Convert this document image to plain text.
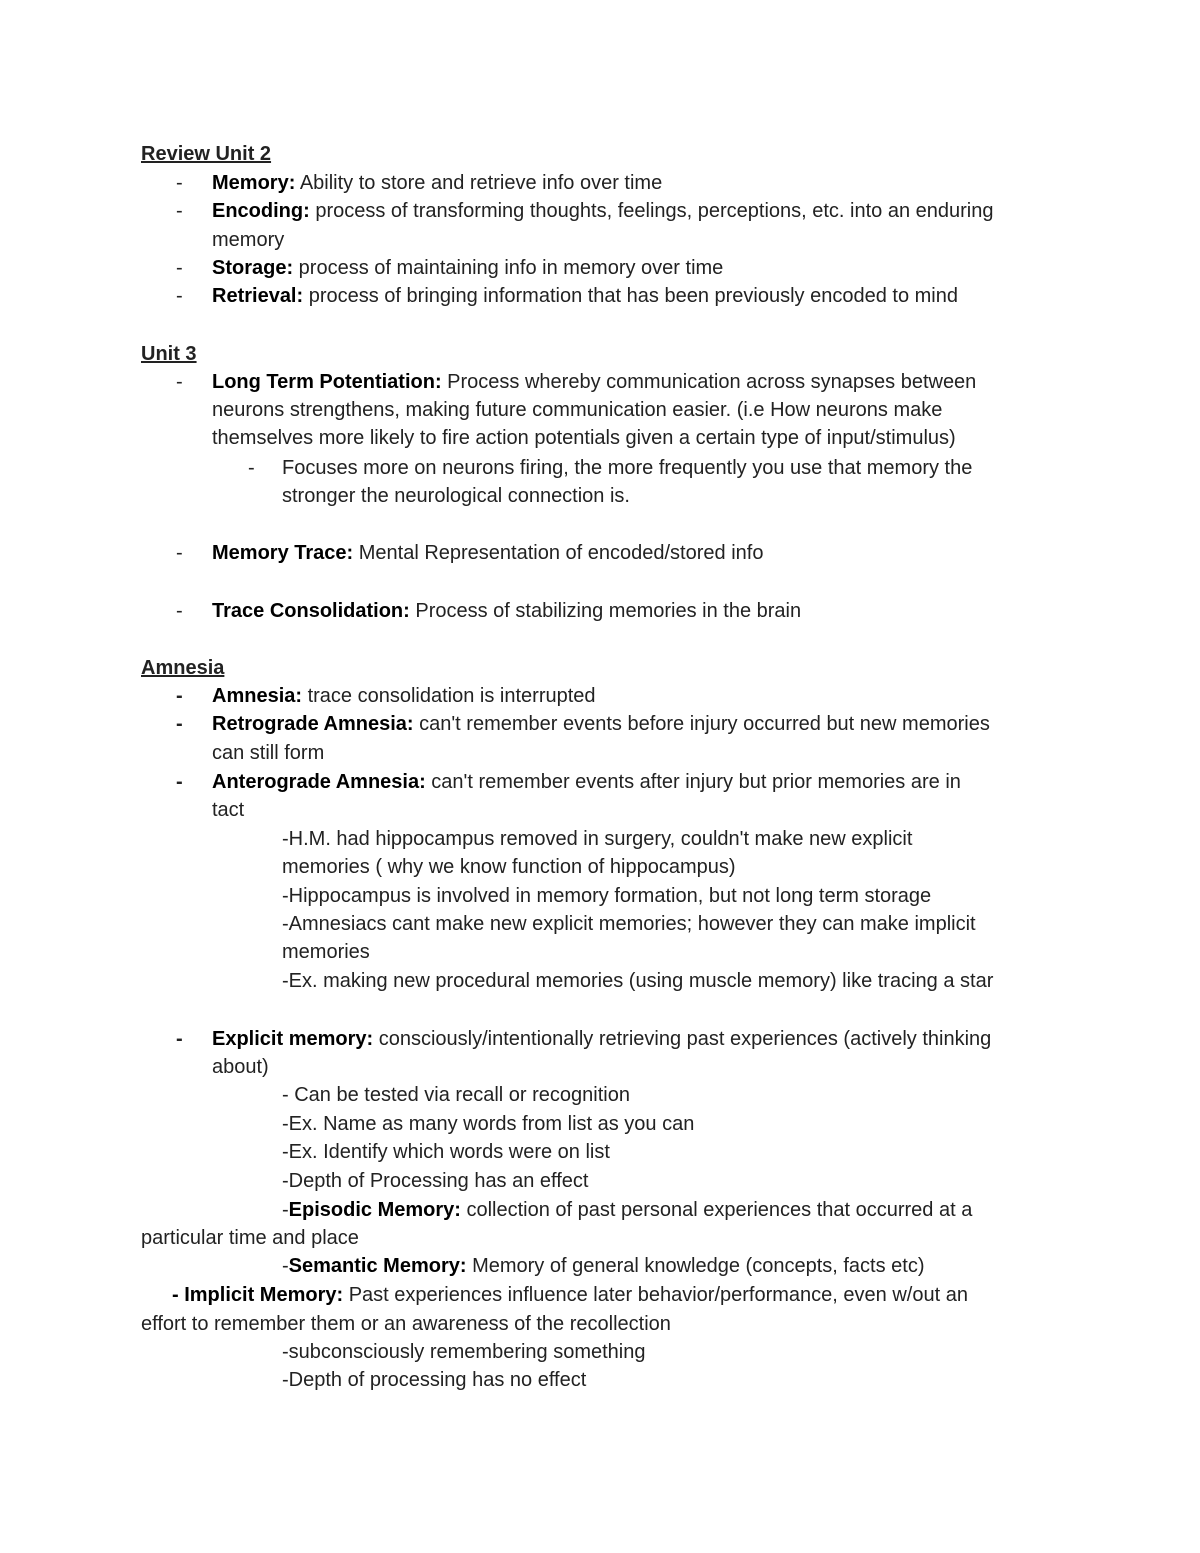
Review Unit 2
- Memory: Ability to store and retrieve info over time
- Encoding: process of transforming thoughts, feelings, perceptions, etc. into an enduring
memory
- Storage: process of maintaining info in memory over time
- Retrieval: process of bringing information that has been previously encoded to mind
Unit 3
- Long Term Potentiation: Process whereby communication across synapses between
neurons strengthens, making future communication easier. (i.e How neurons make
themselves more likely to fire action potentials given a certain type of input/stimulus)
- Focuses more on neurons firing, the more frequently you use that memory the
stronger the neurological connection is.
- Memory Trace: Mental Representation of encoded/stored info
- Trace Consolidation: Process of stabilizing memories in the brain
Amnesia
- Amnesia: trace consolidation is interrupted
- Retrograde Amnesia: can't remember events before injury occurred but new memories
can still form
- Anterograde Amnesia: can't remember events after injury but prior memories are in
tact
-H.M. had hippocampus removed in surgery, couldn't make new explicit
memories ( why we know function of hippocampus)
-Hippocampus is involved in memory formation, but not long term storage
-Amnesiacs cant make new explicit memories; however they can make implicit
memories
-Ex. making new procedural memories (using muscle memory) like tracing a star
- Explicit memory: consciously/intentionally retrieving past experiences (actively thinking
about)
- Can be tested via recall or recognition
-Ex. Name as many words from list as you can
-Ex. Identify which words were on list
-Depth of Processing has an effect
-Episodic Memory: collection of past personal experiences that occurred at a
particular time and place
-Semantic Memory: Memory of general knowledge (concepts, facts etc)
- Implicit Memory: Past experiences influence later behavior/performance, even w/out an
effort to remember them or an awareness of the recollection
-subconsciously remembering something
-Depth of processing has no effect
